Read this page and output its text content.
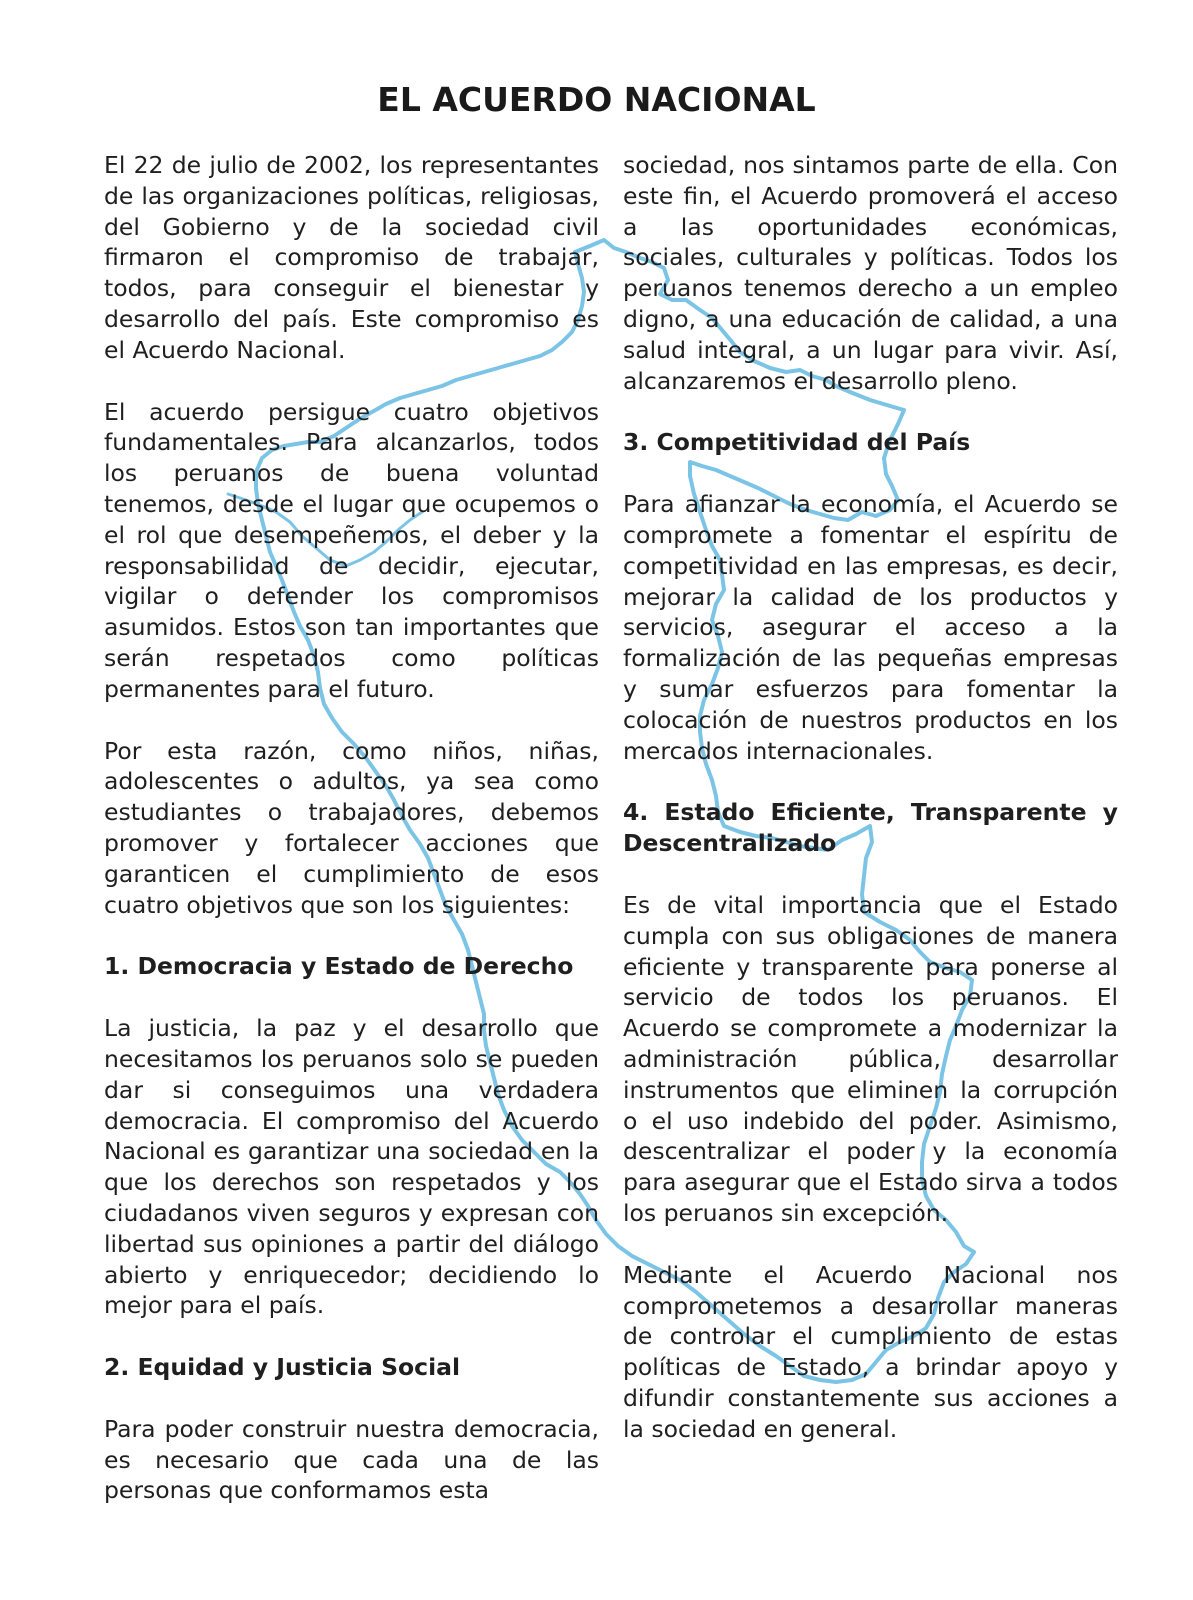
EL ACUERDO NACIONAL

El 22 de julio de 2002, los representantes de las organizaciones políticas, religiosas, del Gobierno y de la sociedad civil firmaron el compromiso de trabajar, todos, para conseguir el bienestar y desarrollo del país. Este compromiso es el Acuerdo Nacional.

El acuerdo persigue cuatro objetivos fundamentales. Para alcanzarlos, todos los peruanos de buena voluntad tenemos, desde el lugar que ocupemos o el rol que desempeñemos, el deber y la responsabilidad de decidir, ejecutar, vigilar o defender los compromisos asumidos. Estos son tan importantes que serán respetados como políticas permanentes para el futuro.

Por esta razón, como niños, niñas, adolescentes o adultos, ya sea como estudiantes o trabajadores, debemos promover y fortalecer acciones que garanticen el cumplimiento de esos cuatro objetivos que son los siguientes:

1. Democracia y Estado de Derecho

La justicia, la paz y el desarrollo que necesitamos los peruanos solo se pueden dar si conseguimos una verdadera democracia. El compromiso del Acuerdo Nacional es garantizar una sociedad en la que los derechos son respetados y los ciudadanos viven seguros y expresan con libertad sus opiniones a partir del diálogo abierto y enriquecedor; decidiendo lo mejor para el país.

2. Equidad y Justicia Social

Para poder construir nuestra democracia, es necesario que cada una de las personas que conformamos esta

sociedad, nos sintamos parte de ella. Con este fin, el Acuerdo promoverá el acceso a las oportunidades económicas, sociales, culturales y políticas. Todos los peruanos tenemos derecho a un empleo digno, a una educación de calidad, a una salud integral, a un lugar para vivir. Así, alcanzaremos el desarrollo pleno.

3. Competitividad del País

Para afianzar la economía, el Acuerdo se compromete a fomentar el espíritu de competitividad en las empresas, es decir, mejorar la calidad de los productos y servicios, asegurar el acceso a la formalización de las pequeñas empresas y sumar esfuerzos para fomentar la colocación de nuestros productos en los mercados internacionales.

4. Estado Eficiente, Transparente y Descentralizado

Es de vital importancia que el Estado cumpla con sus obligaciones de manera eficiente y transparente para ponerse al servicio de todos los peruanos. El Acuerdo se compromete a modernizar la administración pública, desarrollar instrumentos que eliminen la corrupción o el uso indebido del poder. Asimismo, descentralizar el poder y la economía para asegurar que el Estado sirva a todos los peruanos sin excepción.

Mediante el Acuerdo Nacional nos comprometemos a desarrollar maneras de controlar el cumplimiento de estas políticas de Estado, a brindar apoyo y difundir constantemente sus acciones a la sociedad en general.
